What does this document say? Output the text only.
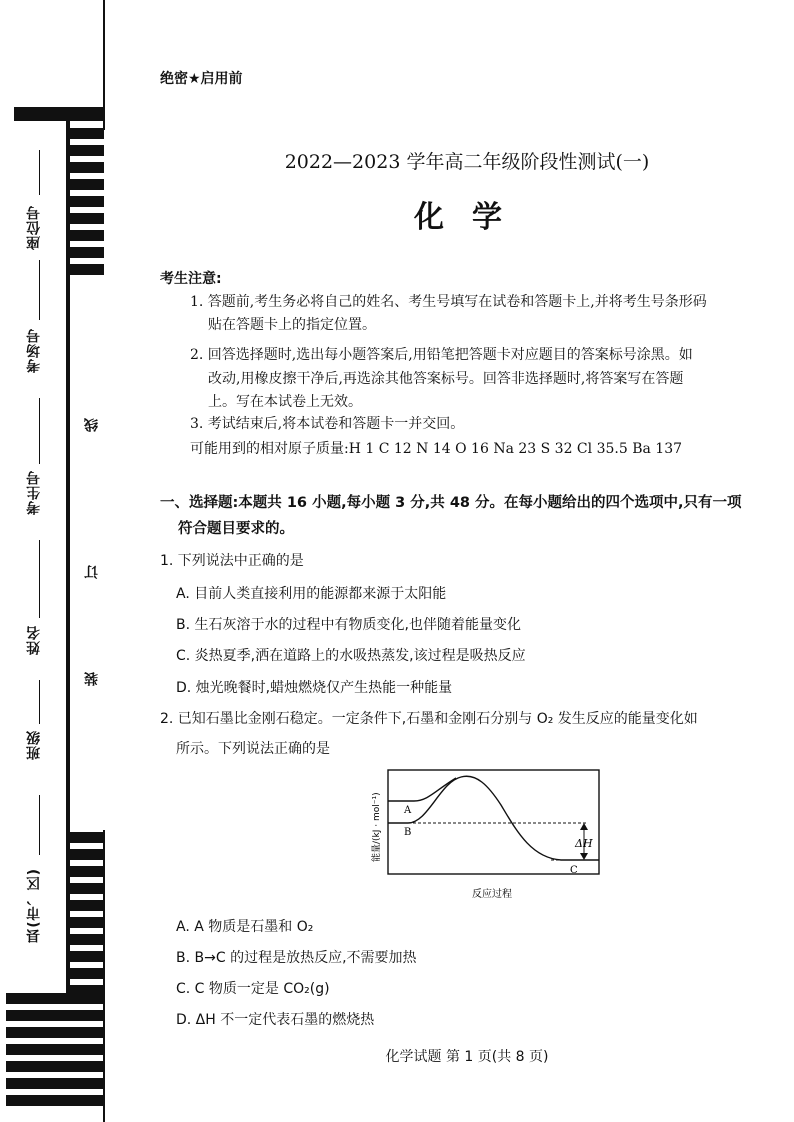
座位号
考场号
考生号
姓名
班级
县(市、区)
线
订
装
绝密★启用前
2022—2023 学年高二年级阶段性测试(一)
化学
考生注意:
1. 答题前,考生务必将自己的姓名、考生号填写在试卷和答题卡上,并将考生号条形码
贴在答题卡上的指定位置。
2. 回答选择题时,选出每小题答案后,用铅笔把答题卡对应题目的答案标号涂黑。如
改动,用橡皮擦干净后,再选涂其他答案标号。回答非选择题时,将答案写在答题
上。写在本试卷上无效。
3. 考试结束后,将本试卷和答题卡一并交回。
可能用到的相对原子质量:H 1 C 12 N 14 O 16 Na 23 S 32 Cl 35.5 Ba 137
一、选择题:本题共 16 小题,每小题 3 分,共 48 分。在每小题给出的四个选项中,只有一项
符合题目要求的。
1. 下列说法中正确的是
A. 目前人类直接利用的能源都来源于太阳能
B. 生石灰溶于水的过程中有物质变化,也伴随着能量变化
C. 炎热夏季,洒在道路上的水吸热蒸发,该过程是吸热反应
D. 烛光晚餐时,蜡烛燃烧仅产生热能一种能量
2. 已知石墨比金刚石稳定。一定条件下,石墨和金刚石分别与 O₂ 发生反应的能量变化如
所示。下列说法正确的是
ΔH
A
B
C
能量/(kJ · mol⁻¹)
反应过程
A. A 物质是石墨和 O₂
B. B→C 的过程是放热反应,不需要加热
C. C 物质一定是 CO₂(g)
D. ΔH 不一定代表石墨的燃烧热
化学试题 第 1 页(共 8 页)
